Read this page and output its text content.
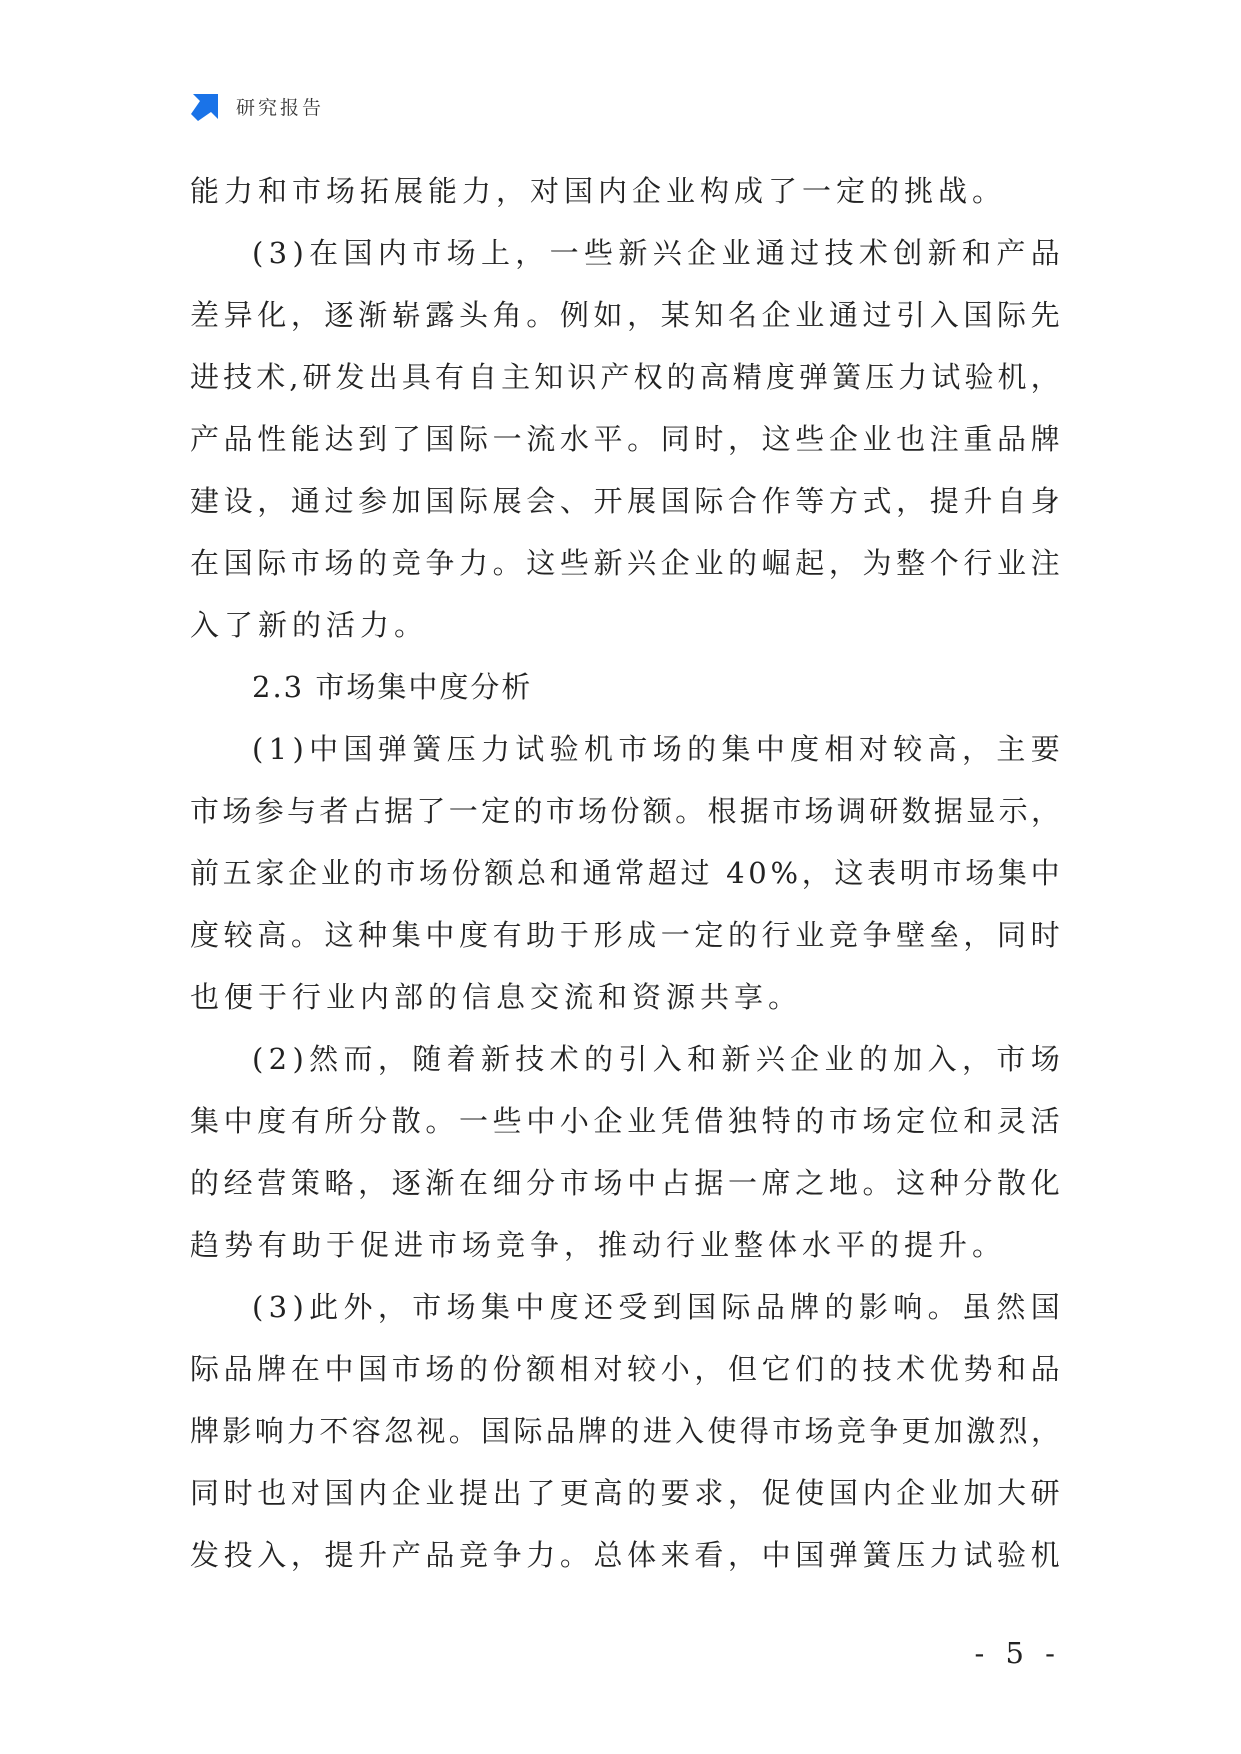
研究报告
能力和市场拓展能力，对国内企业构成了一定的挑战。
( 3 ) 在 国 内 市 场 上 ， 一 些 新 兴 企 业 通 过 技 术 创 新 和 产 品
差 异 化 ， 逐 渐 崭 露 头 角 。 例 如 ， 某 知 名 企 业 通 过 引 入 国 际 先
进 技 术 , 研 发 出 具 有 自 主 知 识 产 权 的 高 精 度 弹 簧 压 力 试 验 机 ，
产 品 性 能 达 到 了 国 际 一 流 水 平 。 同 时 ， 这 些 企 业 也 注 重 品 牌
建 设 ， 通 过 参 加 国 际 展 会 、 开 展 国 际 合 作 等 方 式 ， 提 升 自 身
在 国 际 市 场 的 竞 争 力 。 这 些 新 兴 企 业 的 崛 起 ， 为 整 个 行 业 注
入了新的活力。
2.3 市场集中度分析
( 1 ) 中 国 弹 簧 压 力 试 验 机 市 场 的 集 中 度 相 对 较 高 ， 主 要
市 场 参 与 者 占 据 了 一 定 的 市 场 份 额 。 根 据 市 场 调 研 数 据 显 示 ，
前 五 家 企 业 的 市 场 份 额 总 和 通 常 超 过
4 0 % ， 这 表 明 市 场 集 中
度 较 高 。 这 种 集 中 度 有 助 于 形 成 一 定 的 行 业 竞 争 壁 垒 ， 同 时
也便于行业内部的信息交流和资源共享。
( 2 ) 然 而 ， 随 着 新 技 术 的 引 入 和 新 兴 企 业 的 加 入 ， 市 场
集 中 度 有 所 分 散 。 一 些 中 小 企 业 凭 借 独 特 的 市 场 定 位 和 灵 活
的 经 营 策 略 ， 逐 渐 在 细 分 市 场 中 占 据 一 席 之 地 。 这 种 分 散 化
趋势有助于促进市场竞争，推动行业整体水平的提升。
( 3 ) 此 外 ， 市 场 集 中 度 还 受 到 国 际 品 牌 的 影 响 。 虽 然 国
际 品 牌 在 中 国 市 场 的 份 额 相 对 较 小 ， 但 它 们 的 技 术 优 势 和 品
牌 影 响 力 不 容 忽 视 。 国 际 品 牌 的 进 入 使 得 市 场 竞 争 更 加 激 烈 ，
同 时 也 对 国 内 企 业 提 出 了 更 高 的 要 求 ， 促 使 国 内 企 业 加 大 研
发 投 入 ， 提 升 产 品 竞 争 力 。 总 体 来 看 ， 中 国 弹 簧 压 力 试 验 机
- 5 -
